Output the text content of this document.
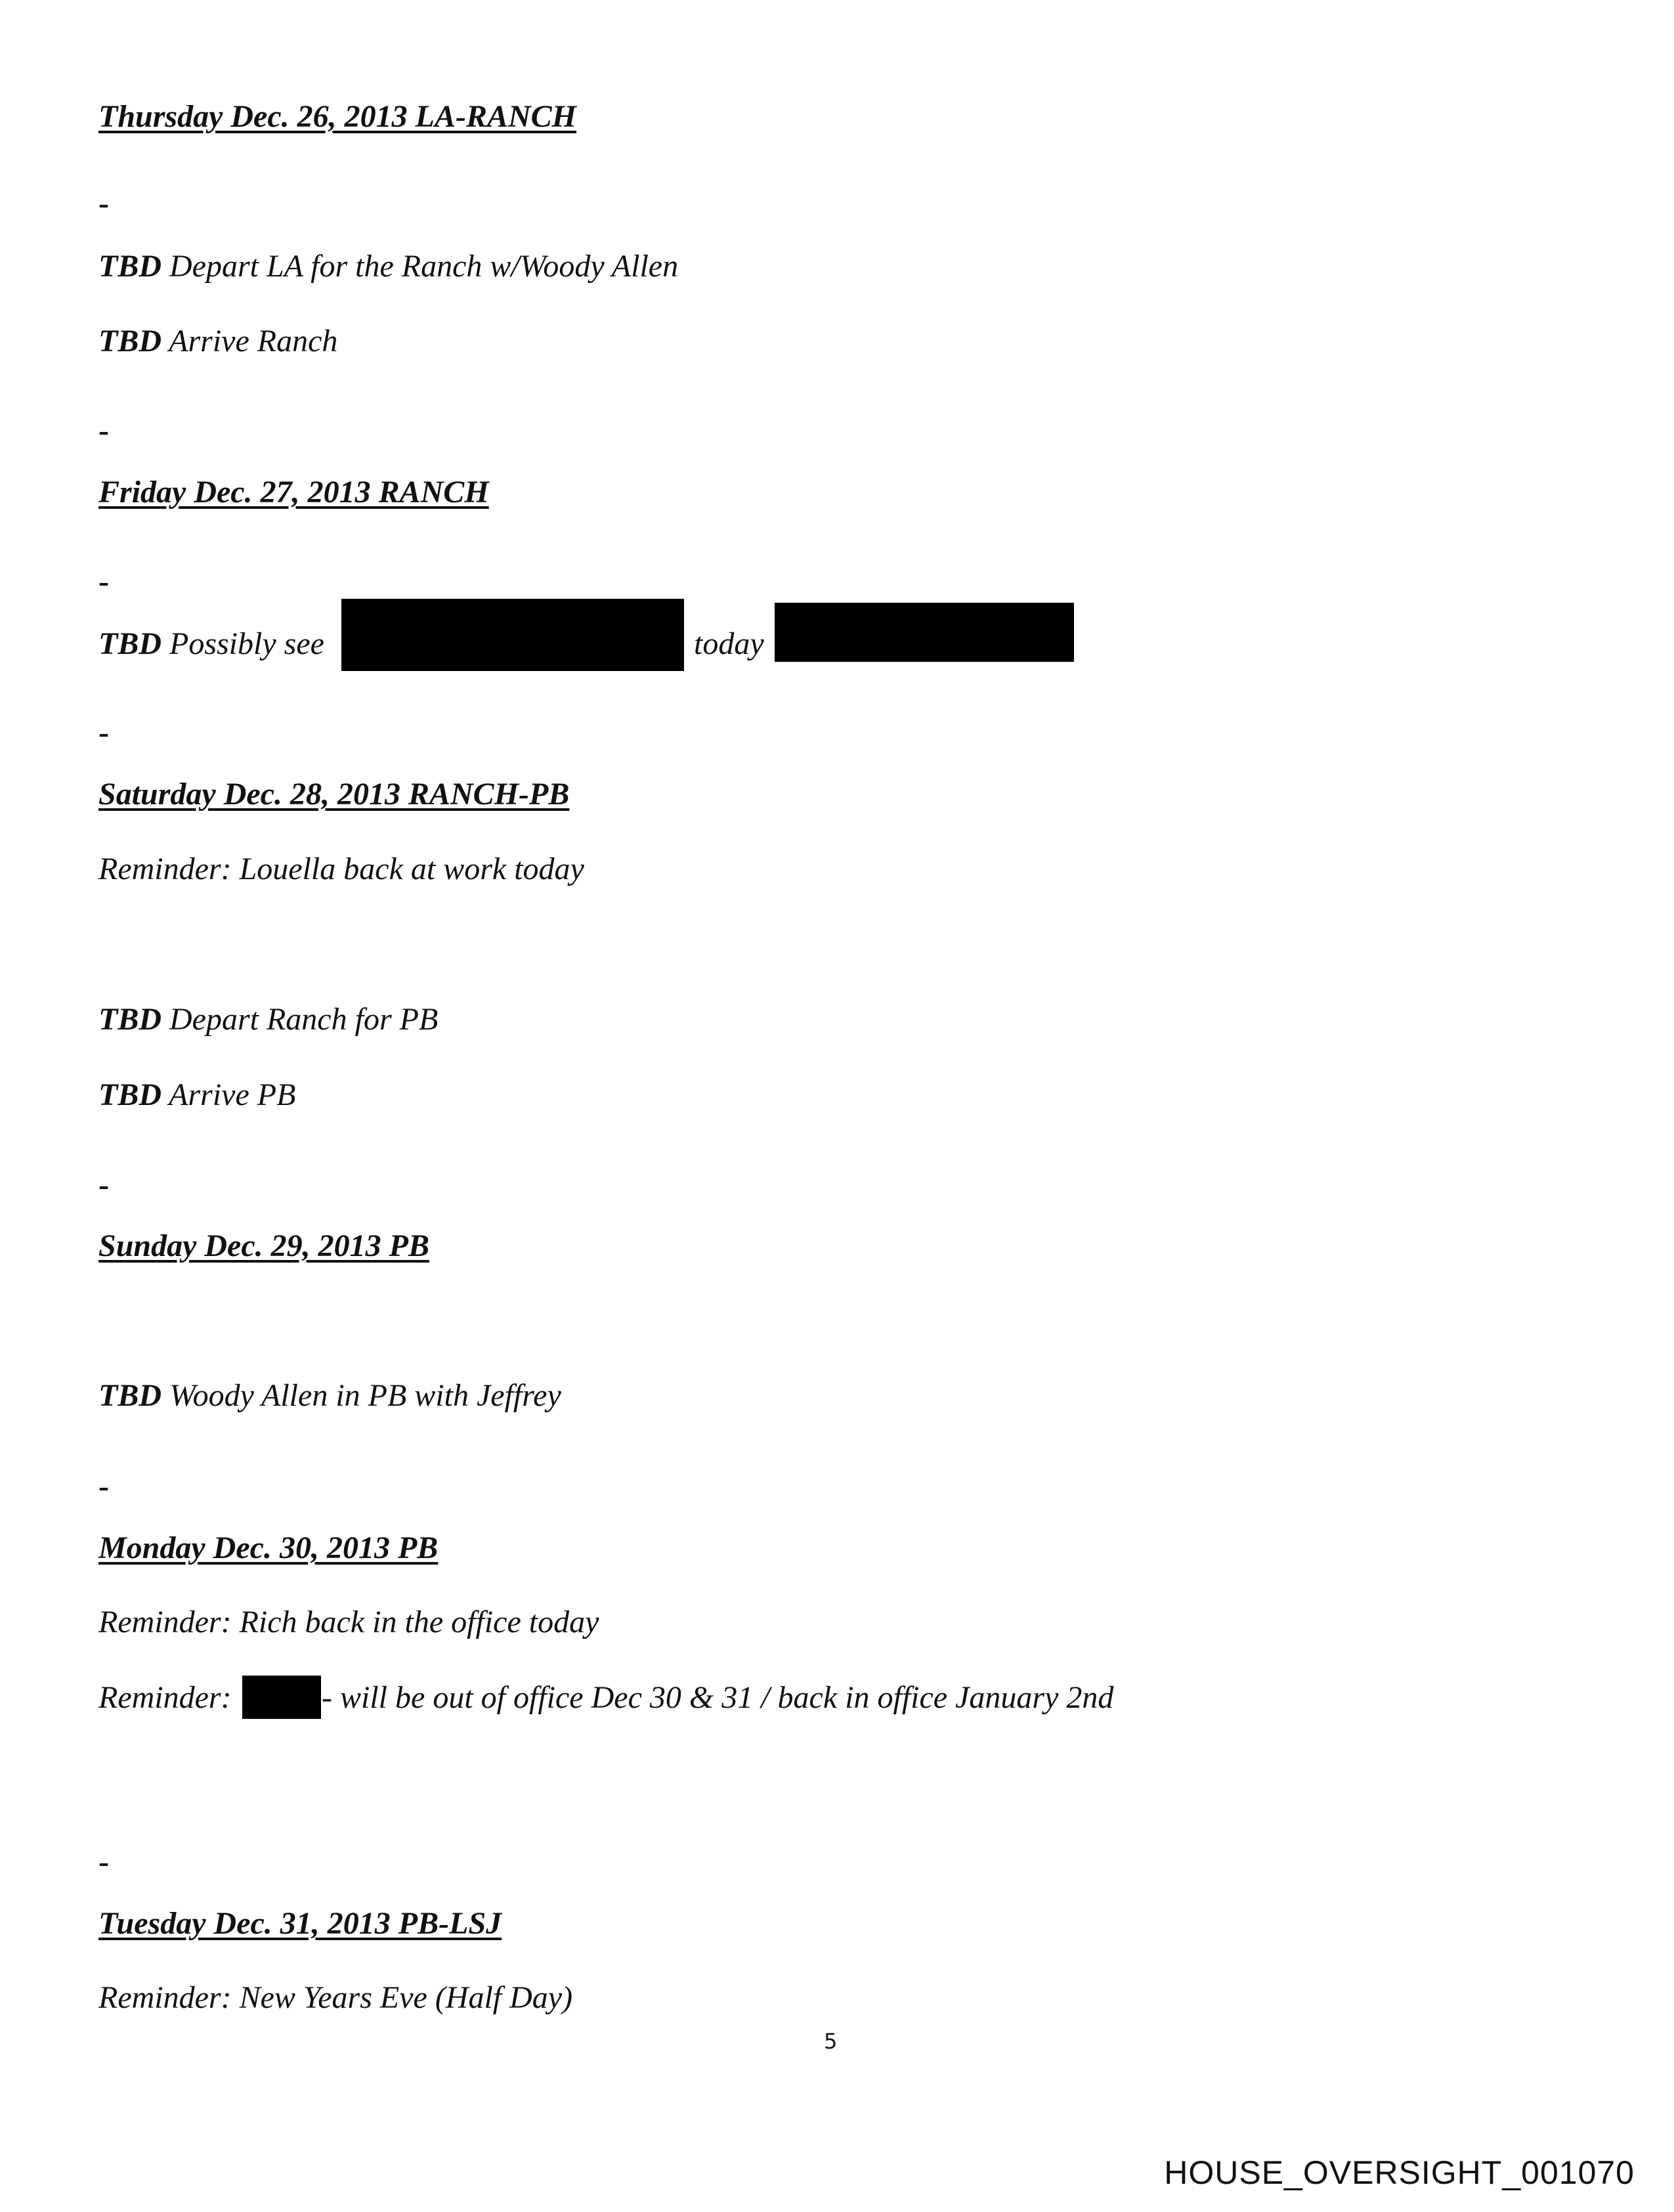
Thursday Dec. 26, 2013 LA-RANCH
-
TBD Depart LA for the Ranch w/Woody Allen
TBD Arrive Ranch
-
Friday Dec. 27, 2013 RANCH
-
TBD Possibly see	today
-
Saturday Dec. 28, 2013 RANCH-PB
Reminder: Louella back at work today
TBD Depart Ranch for PB
TBD Arrive PB
-
Sunday Dec. 29, 2013 PB
TBD Woody Allen in PB with Jeffrey
-
Monday Dec. 30, 2013 PB
Reminder: Rich back in the office today
Reminder:	- will be out of office Dec 30 & 31 / back in office January 2nd
-
Tuesday Dec. 31, 2013 PB-LSJ
Reminder: New Years Eve (Half Day)
5
HOUSE_OVERSIGHT_001070
